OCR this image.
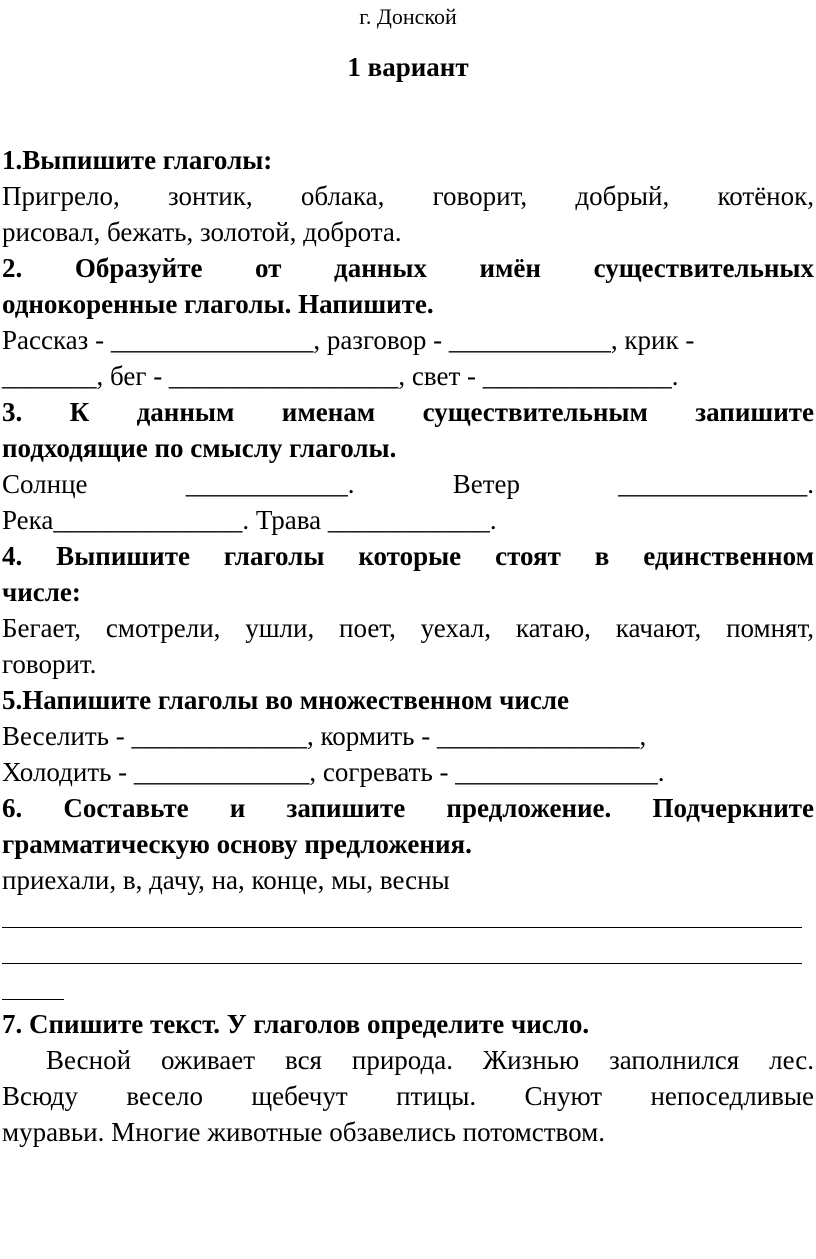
г. Донской
1 вариант

1.Выпишите глаголы:

Пригрело, зонтик, облака, говорит, добрый, котёнок,

рисовал, бежать, золотой, доброта.

2. Образуйте от данных имён существительных

однокоренные глаголы. Напишите.

Рассказ - _______________, разговор - ____________, крик -

_______, бег - _________________, свет - ______________.

3. К данным именам существительным запишите

подходящие по смыслу глаголы.

Солнце ____________. Ветер ______________.

Река______________. Трава ____________.

4. Выпишите глаголы которые стоят в единственном

числе:

Бегает, смотрели, ушли, поет, уехал, катаю, качают, помнят,

говорит.

5.Напишите глаголы во множественном числе

Веселить - _____________, кормить - _______________,

Холодить - _____________, согревать - _______________.

6. Составьте и запишите предложение. Подчеркните

грамматическую основу предложения.

приехали, в, дачу, на, конце, мы, весны

7. Спишите текст. У глаголов определите число.

Весной оживает вся природа. Жизнью заполнился лес.

Всюду весело щебечут птицы. Снуют непоседливые

муравьи. Многие животные обзавелись потомством.
